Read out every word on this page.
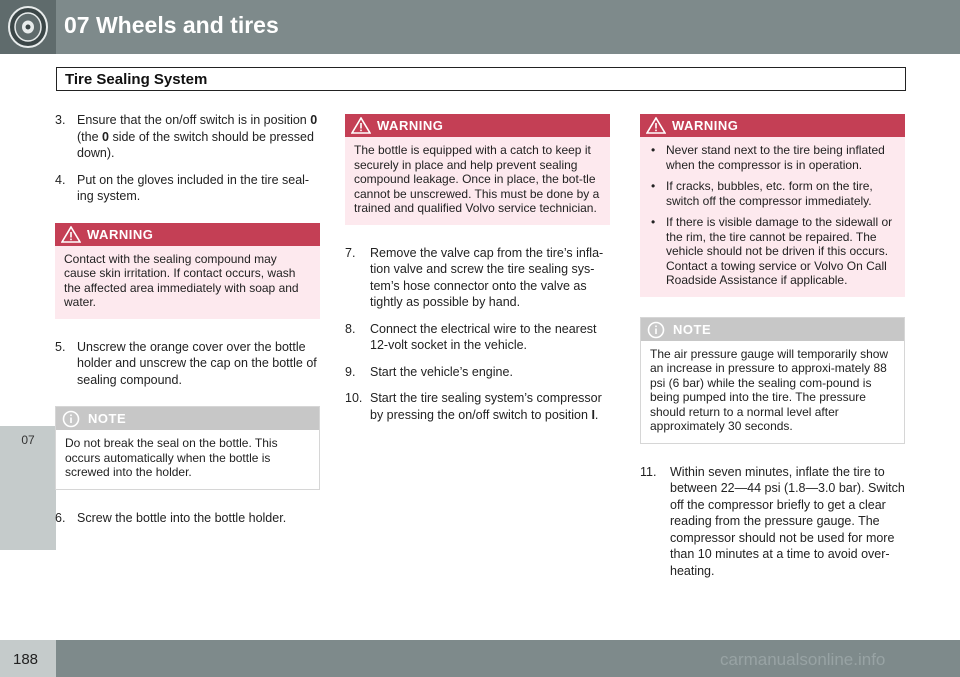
07 Wheels and tires
07
Tire Sealing System
3. Ensure that the on/off switch is in position 0 (the 0 side of the switch should be pressed down).
4. Put on the gloves included in the tire seal-ing system.
WARNING
Contact with the sealing compound may cause skin irritation. If contact occurs, wash the affected area immediately with soap and water.
5. Unscrew the orange cover over the bottle holder and unscrew the cap on the bottle of sealing compound.
NOTE
Do not break the seal on the bottle. This occurs automatically when the bottle is screwed into the holder.
6. Screw the bottle into the bottle holder.
WARNING
The bottle is equipped with a catch to keep it securely in place and help prevent sealing compound leakage. Once in place, the bot-tle cannot be unscrewed. This must be done by a trained and qualified Volvo service technician.
7. Remove the valve cap from the tire’s infla-tion valve and screw the tire sealing sys-tem’s hose connector onto the valve as tightly as possible by hand.
8. Connect the electrical wire to the nearest 12-volt socket in the vehicle.
9. Start the vehicle’s engine.
10. Start the tire sealing system’s compressor by pressing the on/off switch to position I.
WARNING
• Never stand next to the tire being inflated when the compressor is in operation.
• If cracks, bubbles, etc. form on the tire, switch off the compressor immediately.
• If there is visible damage to the sidewall or the rim, the tire cannot be repaired. The vehicle should not be driven if this occurs. Contact a towing service or Volvo On Call Roadside Assistance if applicable.
NOTE
The air pressure gauge will temporarily show an increase in pressure to approxi-mately 88 psi (6 bar) while the sealing com-pound is being pumped into the tire. The pressure should return to a normal level after approximately 30 seconds.
11. Within seven minutes, inflate the tire to between 22—44 psi (1.8—3.0 bar). Switch off the compressor briefly to get a clear reading from the pressure gauge. The compressor should not be used for more than 10 minutes at a time to avoid over-heating.
188	carmanualsonline.info
